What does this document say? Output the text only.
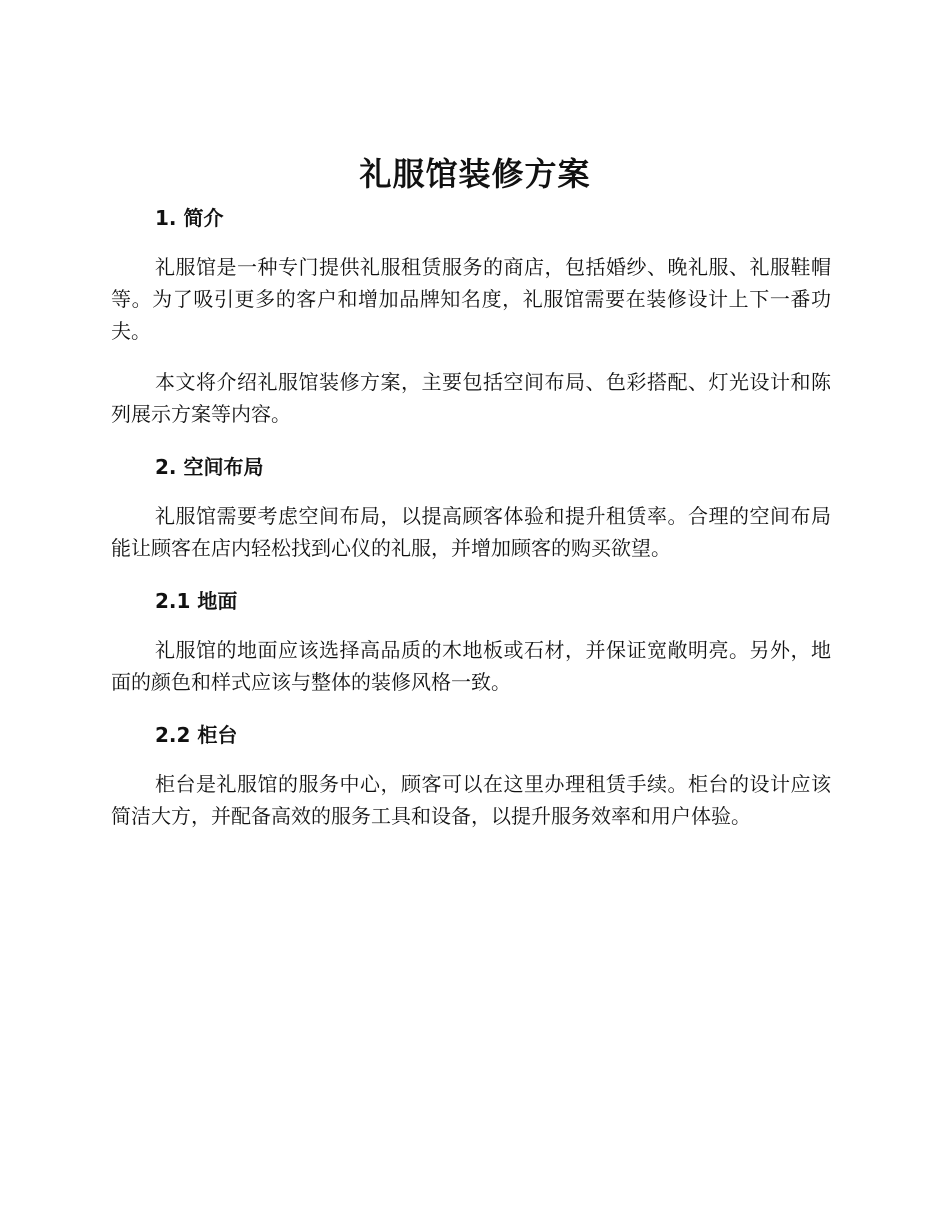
礼服馆装修方案
1. 简介

礼服馆是一种专门提供礼服租赁服务的商店，包括婚纱、晚礼服、礼服鞋帽等。为了吸引更多的客户和增加品牌知名度，礼服馆需要在装修设计上下一番功夫。

本文将介绍礼服馆装修方案，主要包括空间布局、色彩搭配、灯光设计和陈列展示方案等内容。

2. 空间布局

礼服馆需要考虑空间布局，以提高顾客体验和提升租赁率。合理的空间布局能让顾客在店内轻松找到心仪的礼服，并增加顾客的购买欲望。

2.1 地面

礼服馆的地面应该选择高品质的木地板或石材，并保证宽敞明亮。另外，地面的颜色和样式应该与整体的装修风格一致。

2.2 柜台

柜台是礼服馆的服务中心，顾客可以在这里办理租赁手续。柜台的设计应该简洁大方，并配备高效的服务工具和设备，以提升服务效率和用户体验。
